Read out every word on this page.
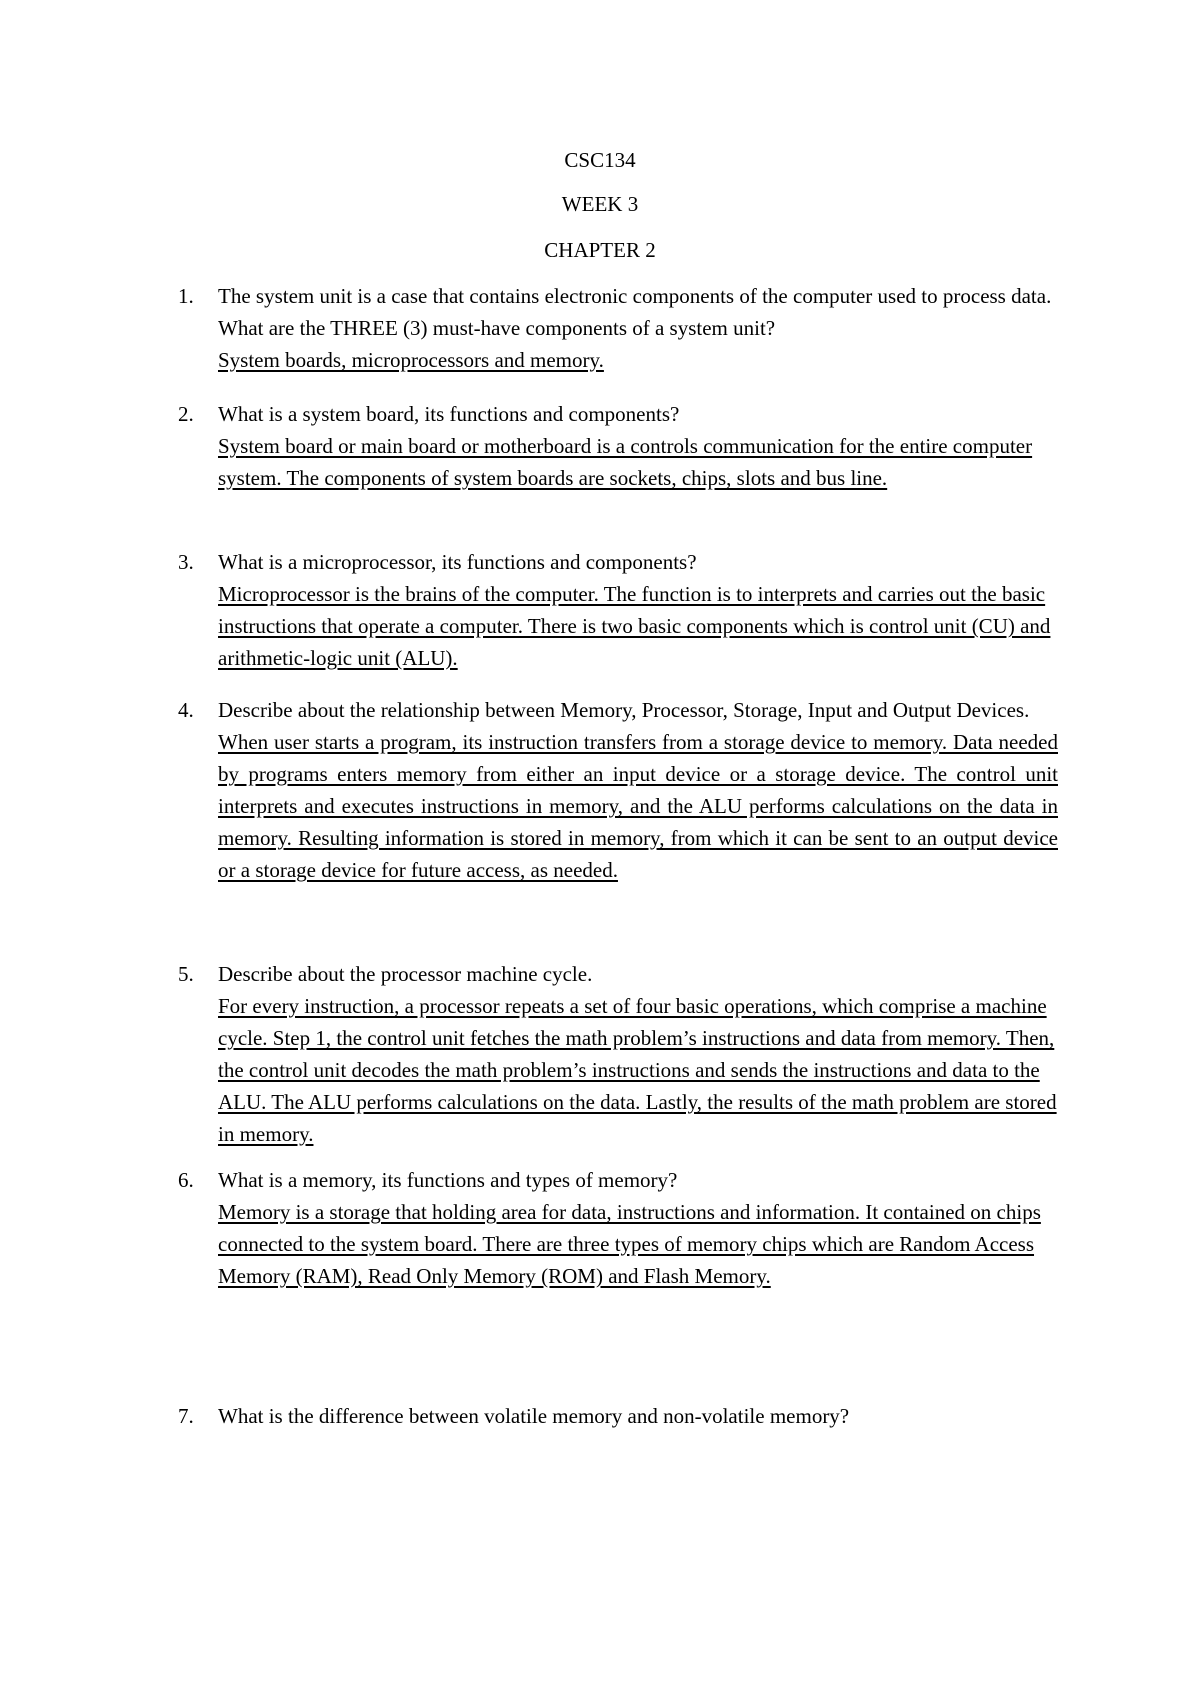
CSC134

WEEK 3

CHAPTER 2

1.	The system unit is a case that contains electronic components of the computer used to process data. What are the THREE (3) must-have components of a system unit?
System boards, microprocessors and memory.
2.	What is a system board, its functions and components?
System board or main board or motherboard is a controls communication for the entire computer system. The components of system boards are sockets, chips, slots and bus line.
3.	What is a microprocessor, its functions and components?
Microprocessor is the brains of the computer. The function is to interprets and carries out the basic instructions that operate a computer. There is two basic components which is control unit (CU) and arithmetic-logic unit (ALU).
4.	Describe about the relationship between Memory, Processor, Storage, Input and Output Devices.
When user starts a program, its instruction transfers from a storage device to memory. Data needed by programs enters memory from either an input device or a storage device. The control unit interprets and executes instructions in memory, and the ALU performs calculations on the data in memory. Resulting information is stored in memory, from which it can be sent to an output device or a storage device for future access, as needed.
5.	Describe about the processor machine cycle.
For every instruction, a processor repeats a set of four basic operations, which comprise a machine cycle. Step 1, the control unit fetches the math problem’s instructions and data from memory. Then, the control unit decodes the math problem’s instructions and sends the instructions and data to the ALU. The ALU performs calculations on the data. Lastly, the results of the math problem are stored in memory.
6.	What is a memory, its functions and types of memory?
Memory is a storage that holding area for data, instructions and information. It contained on chips connected to the system board. There are three types of memory chips which are Random Access Memory (RAM), Read Only Memory (ROM) and Flash Memory.
7.	What is the difference between volatile memory and non-volatile memory?
